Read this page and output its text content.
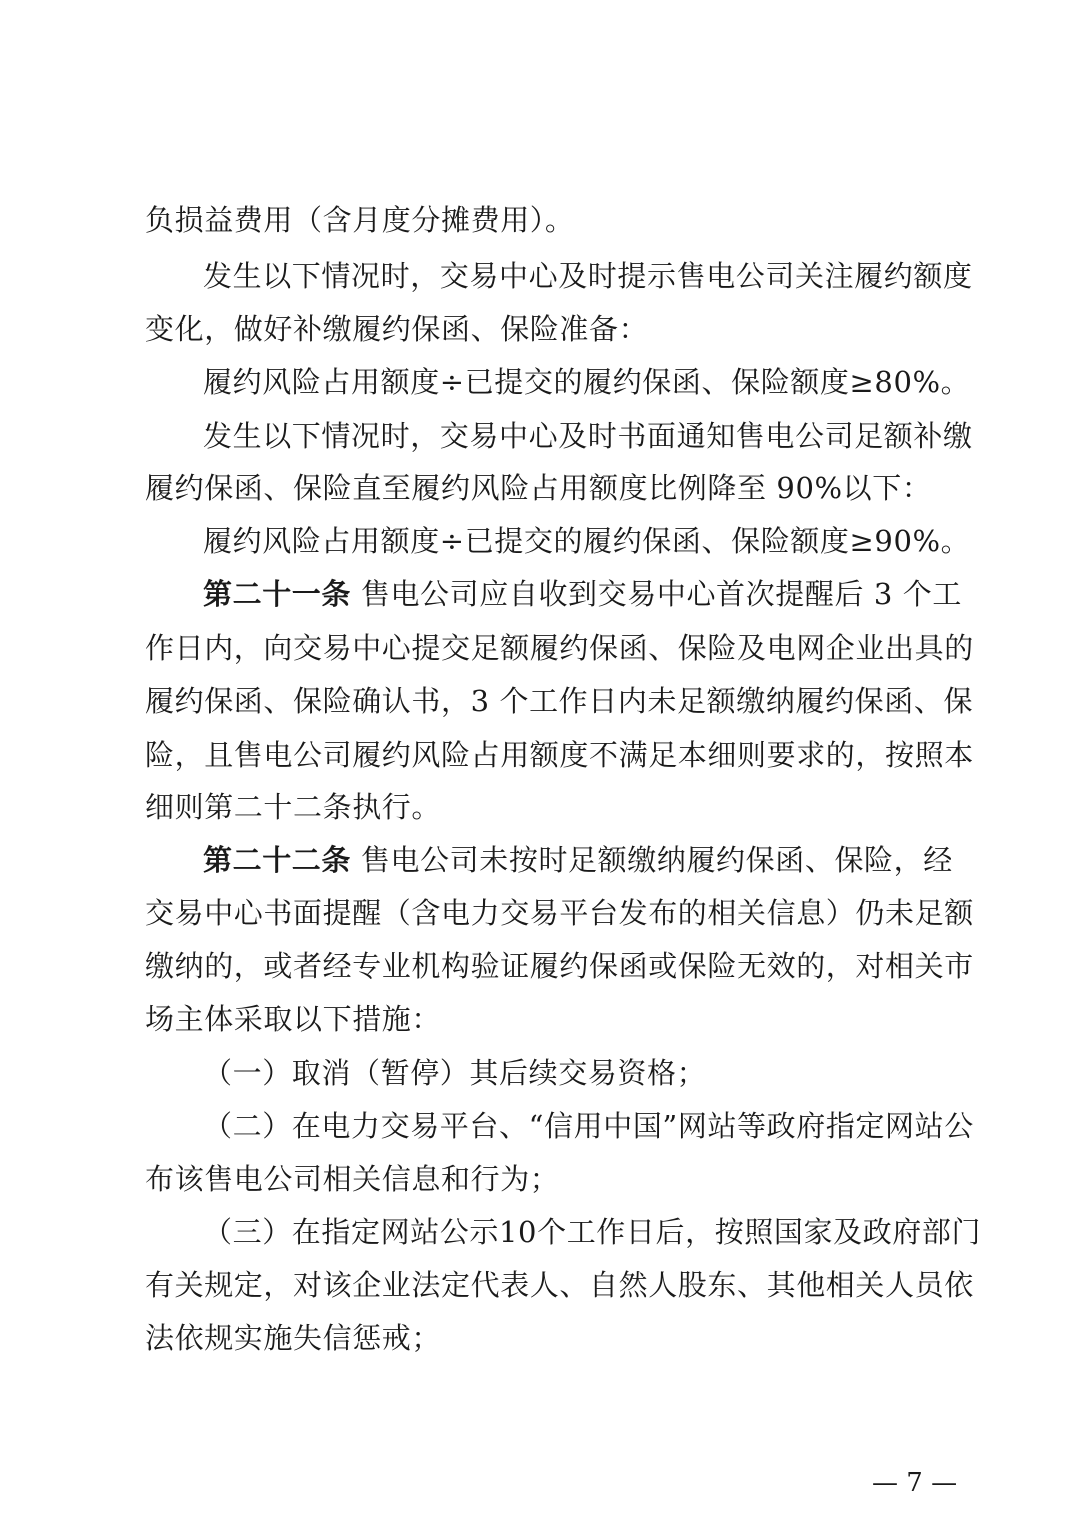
负损益费用（含月度分摊费用）。
发生以下情况时，交易中心及时提示售电公司关注履约额度
变化，做好补缴履约保函、保险准备：
履约风险占用额度÷已提交的履约保函、保险额度≥80%。
发生以下情况时，交易中心及时书面通知售电公司足额补缴
履约保函、保险直至履约风险占用额度比例降至 90%以下：
履约风险占用额度÷已提交的履约保函、保险额度≥90%。
第二十一条 售电公司应自收到交易中心首次提醒后 3 个工
作日内，向交易中心提交足额履约保函、保险及电网企业出具的
履约保函、保险确认书，3 个工作日内未足额缴纳履约保函、保
险，且售电公司履约风险占用额度不满足本细则要求的，按照本
细则第二十二条执行。
第二十二条 售电公司未按时足额缴纳履约保函、保险，经
交易中心书面提醒（含电力交易平台发布的相关信息）仍未足额
缴纳的，或者经专业机构验证履约保函或保险无效的，对相关市
场主体采取以下措施：
（一）取消（暂停）其后续交易资格；
（二）在电力交易平台、“信用中国”网站等政府指定网站公
布该售电公司相关信息和行为；
（三）在指定网站公示10个工作日后，按照国家及政府部门
有关规定，对该企业法定代表人、自然人股东、其他相关人员依
法依规实施失信惩戒；
— 7 —
